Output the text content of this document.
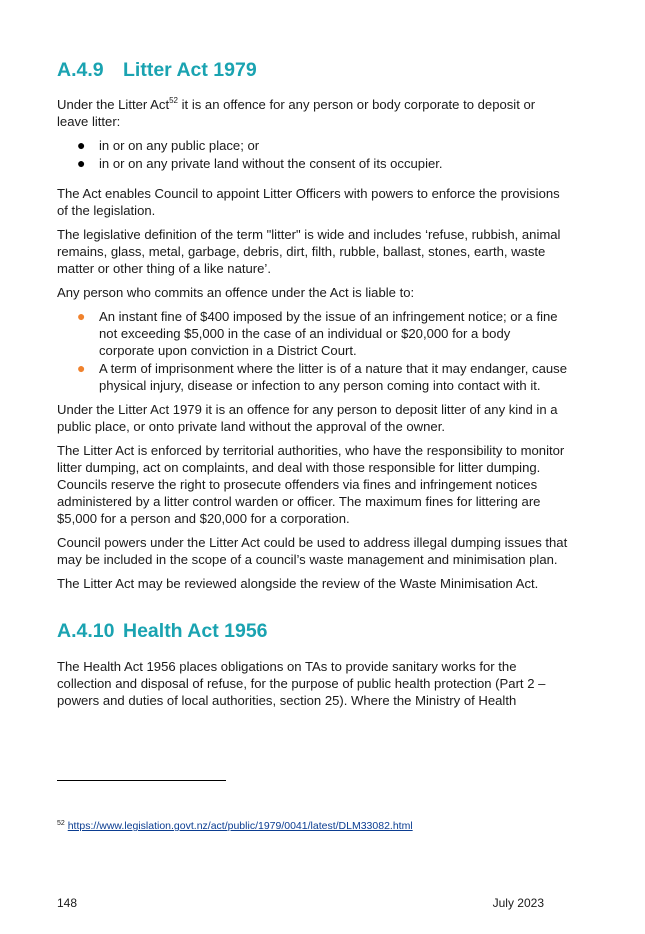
A.4.9 Litter Act 1979

Under the Litter Act$^{52}$ it is an offence for any person or body corporate to deposit or leave litter:

● in or on any public place; or
● in or on any private land without the consent of its occupier.

The Act enables Council to appoint Litter Officers with powers to enforce the provisions of the legislation.

The legislative definition of the term "litter" is wide and includes ‘refuse, rubbish, animal remains, glass, metal, garbage, debris, dirt, filth, rubble, ballast, stones, earth, waste matter or other thing of a like nature’.

Any person who commits an offence under the Act is liable to:

● An instant fine of $400 imposed by the issue of an infringement notice; or a fine not exceeding $5,000 in the case of an individual or $20,000 for a body corporate upon conviction in a District Court.
● A term of imprisonment where the litter is of a nature that it may endanger, cause physical injury, disease or infection to any person coming into contact with it.

Under the Litter Act 1979 it is an offence for any person to deposit litter of any kind in a public place, or onto private land without the approval of the owner.

The Litter Act is enforced by territorial authorities, who have the responsibility to monitor litter dumping, act on complaints, and deal with those responsible for litter dumping. Councils reserve the right to prosecute offenders via fines and infringement notices administered by a litter control warden or officer. The maximum fines for littering are $5,000 for a person and $20,000 for a corporation.

Council powers under the Litter Act could be used to address illegal dumping issues that may be included in the scope of a council’s waste management and minimisation plan.

The Litter Act may be reviewed alongside the review of the Waste Minimisation Act.

A.4.10 Health Act 1956

The Health Act 1956 places obligations on TAs to provide sanitary works for the collection and disposal of refuse, for the purpose of public health protection (Part 2 – powers and duties of local authorities, section 25). Where the Ministry of Health

$^{52}$ https://www.legislation.govt.nz/act/public/1979/0041/latest/DLM33082.html
148	July 2023
